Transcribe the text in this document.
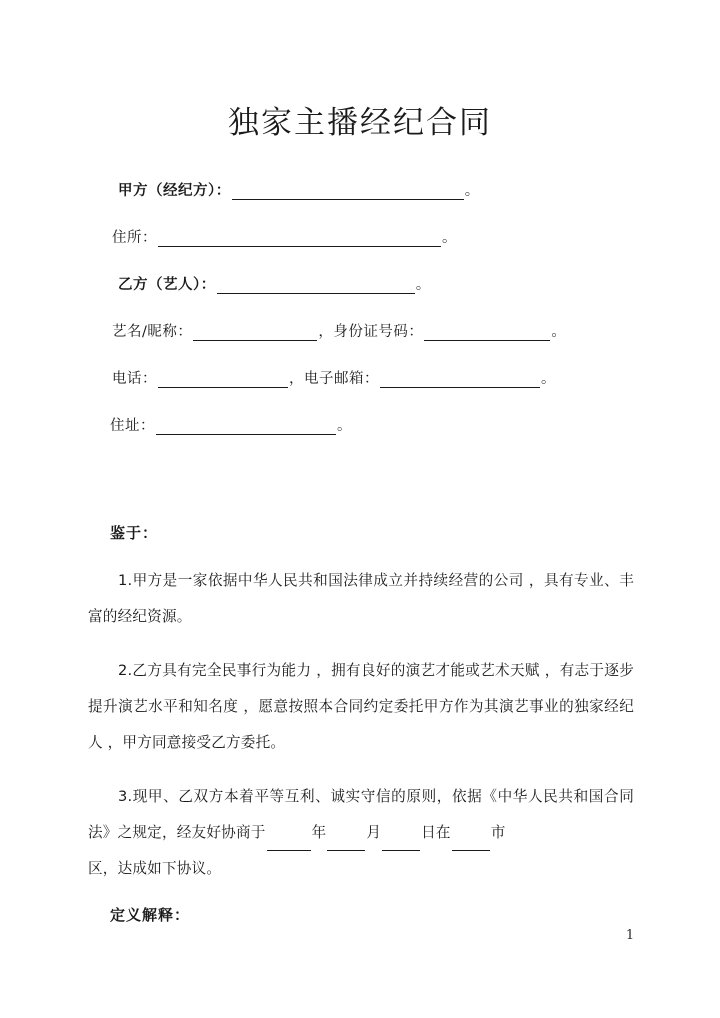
独家主播经纪合同
甲方（经纪方）：	。
住所：	。
乙方（艺人）：	。
艺名/昵称：	， 身份证号码：	。
电话：	， 电子邮箱：	。
住址：	。
鉴于：

1.甲方是一家依据中华人民共和国法律成立并持续经营的公司 ，具有专业、丰富的经纪资源。

2.乙方具有完全民事行为能力 ，拥有良好的演艺才能或艺术天赋 ，有志于逐步提升演艺水平和知名度 ，愿意按照本合同约定委托甲方作为其演艺事业的独家经纪人 ，甲方同意接受乙方委托。

3.现甲、乙双方本着平等互利、诚实守信的原则，依据《中华人民共和国合同法》之规定，经友好协商于	年	月	日在	市
区，达成如下协议。

定义解释：
1
